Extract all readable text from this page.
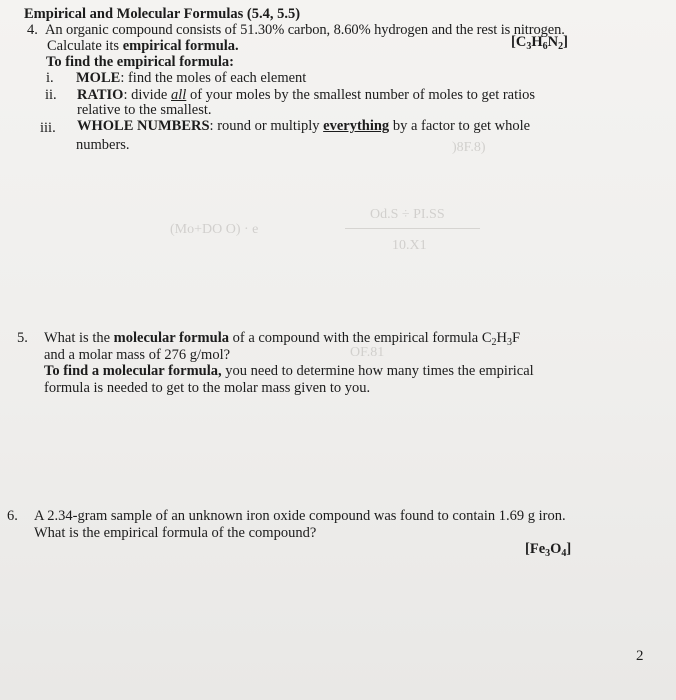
)8F.8)
(Mo+DO O) · e
Od.S ÷ PI.SS
10.X1
OF.81
Empirical and Molecular Formulas (5.4, 5.5)
4. An organic compound consists of 51.30% carbon, 8.60% hydrogen and the rest is nitrogen.
Calculate its empirical formula.	$[C_3H_6N_2]$
To find the empirical formula:
i. MOLE: find the moles of each element
ii. RATIO: divide all of your moles by the smallest number of moles to get ratios
relative to the smallest.
iii. WHOLE NUMBERS: round or multiply everything by a factor to get whole
numbers.
5. What is the molecular formula of a compound with the empirical formula $C_2H_3F$
and a molar mass of 276 g/mol?
To find a molecular formula, you need to determine how many times the empirical
formula is needed to get to the molar mass given to you.
6. A 2.34-gram sample of an unknown iron oxide compound was found to contain 1.69 g iron.
What is the empirical formula of the compound?
$[Fe_3O_4]$
2
